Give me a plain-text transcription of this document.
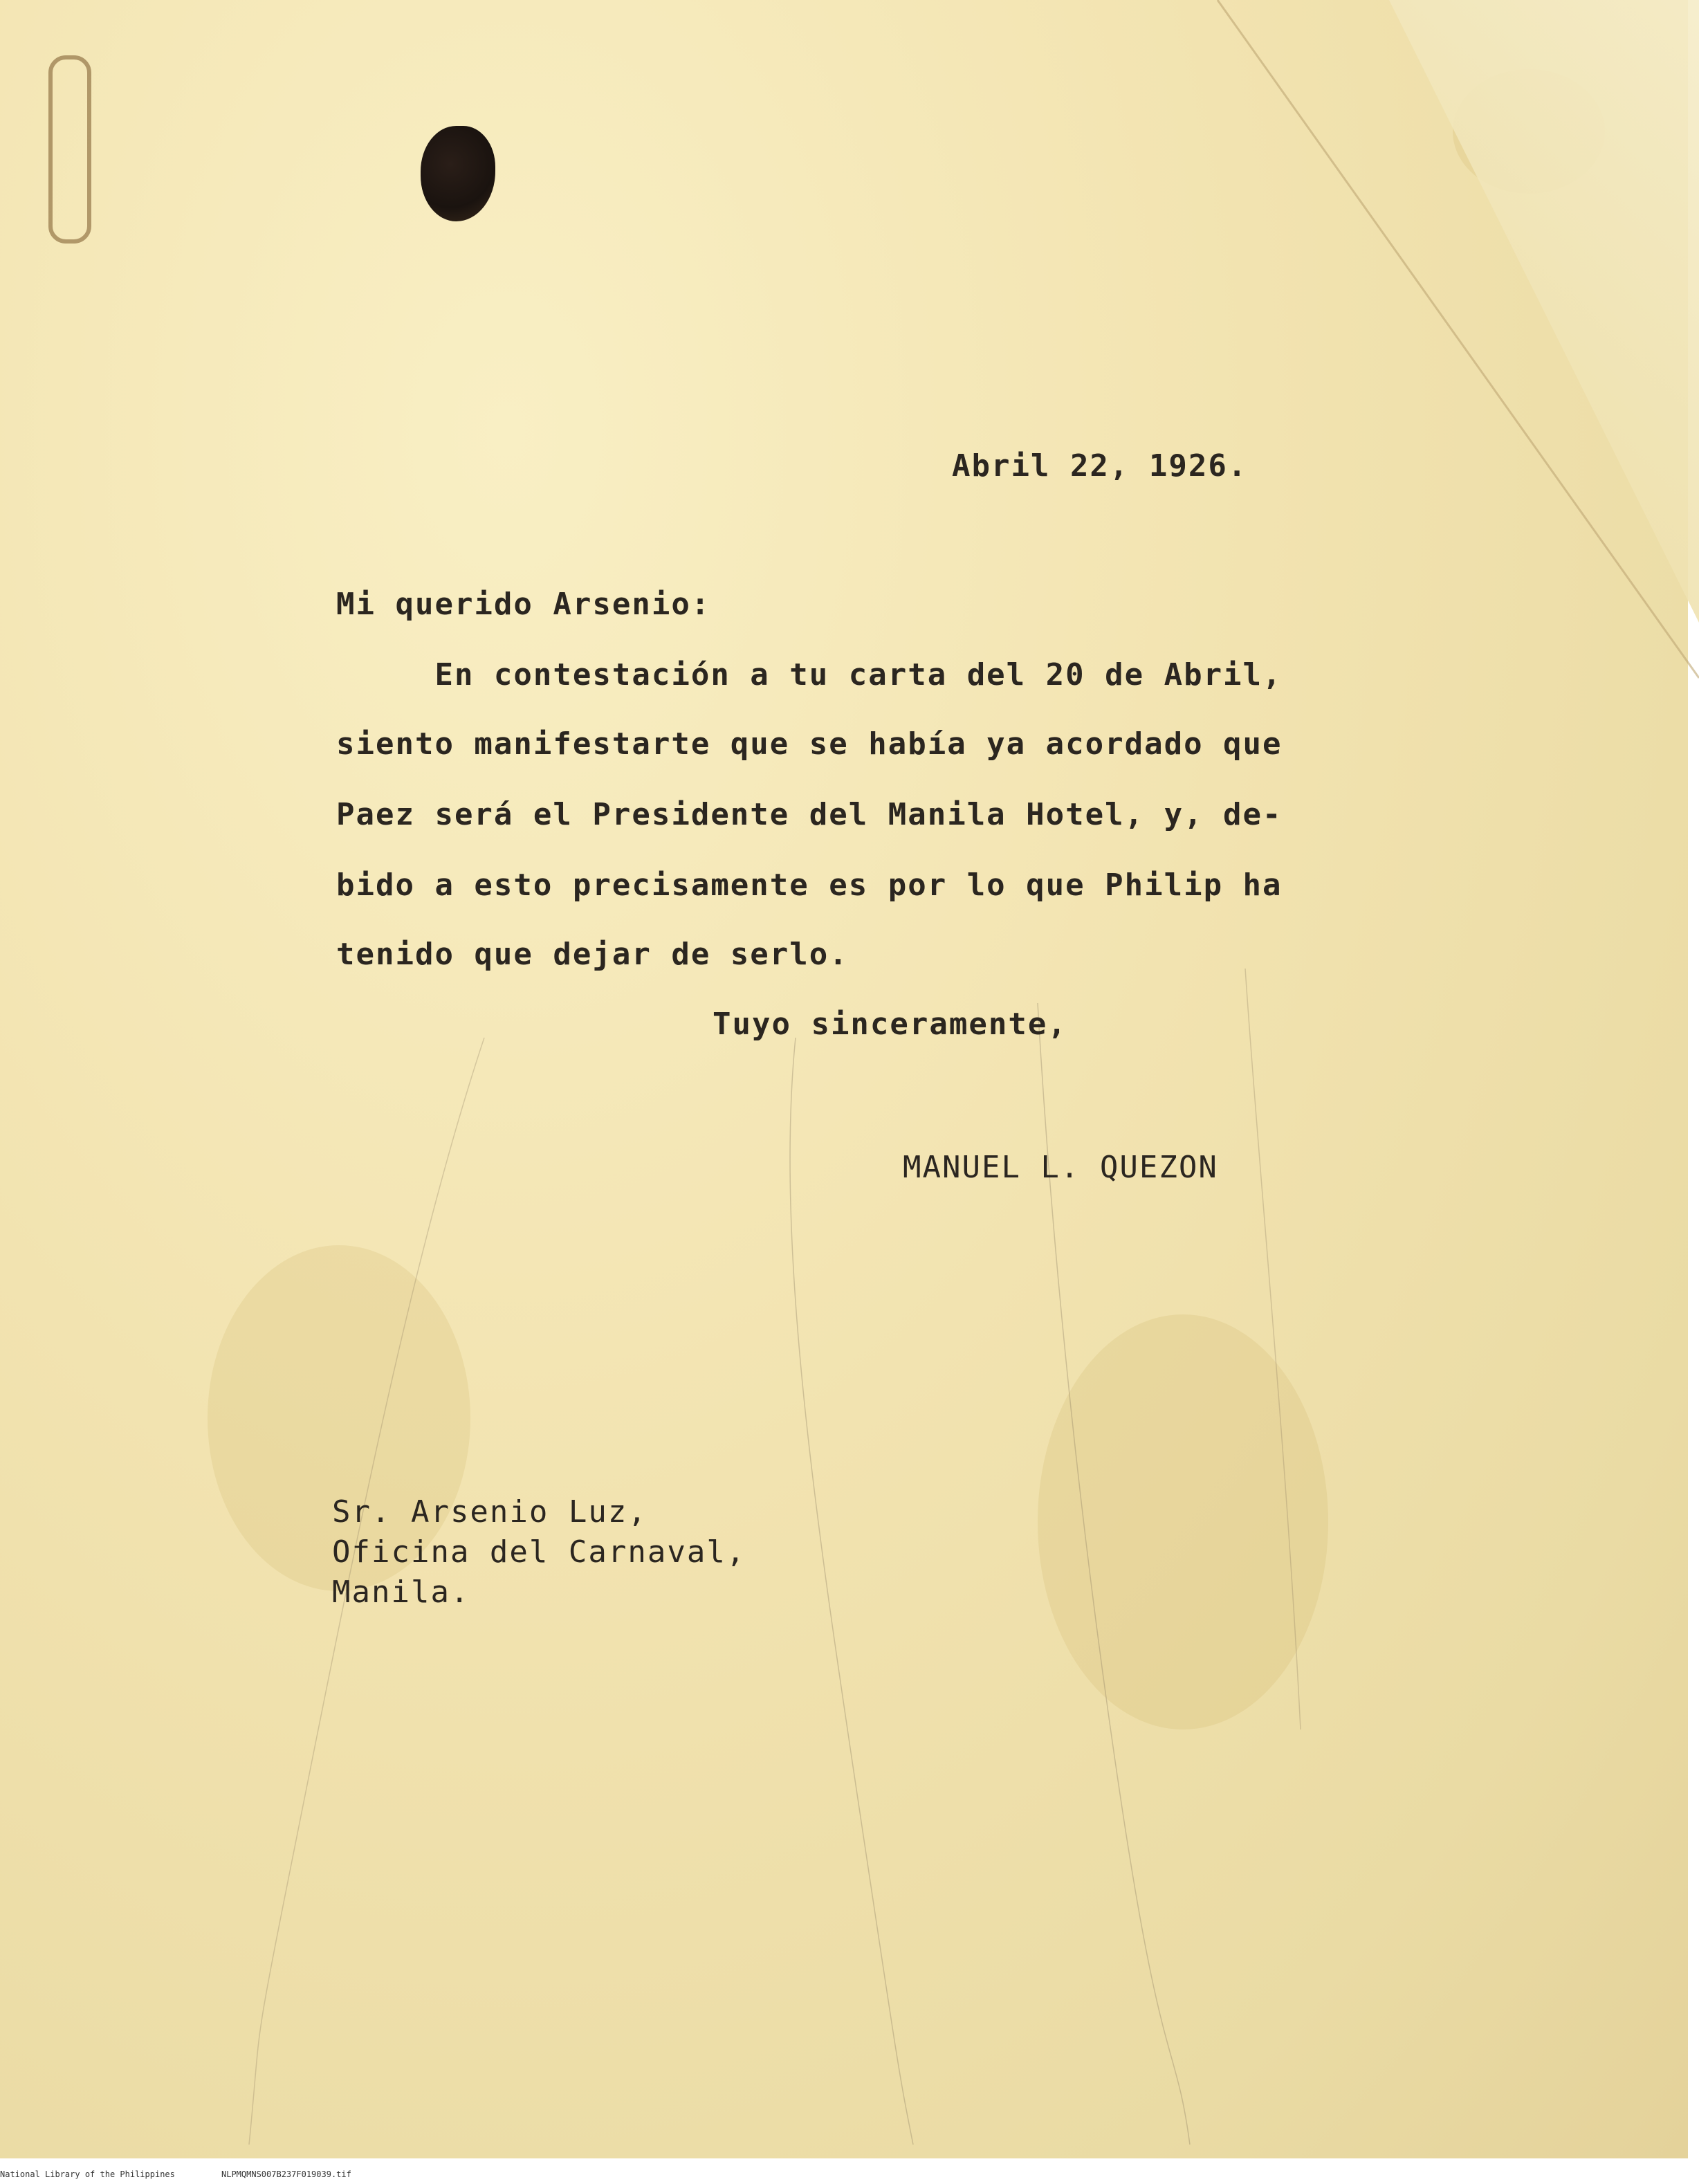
Abril 22, 1926.
Mi querido Arsenio:
En contestación a tu carta del 20 de Abril,
siento manifestarte que se había ya acordado que
Paez será el Presidente del Manila Hotel, y, de-
bido a esto precisamente es por lo que Philip ha
tenido que dejar de serlo.
Tuyo sinceramente,
MANUEL L. QUEZON
Sr. Arsenio Luz,
Oficina del Carnaval,
Manila.
National Library of the Philippines	NLPMQMNS007B237F019039.tif
